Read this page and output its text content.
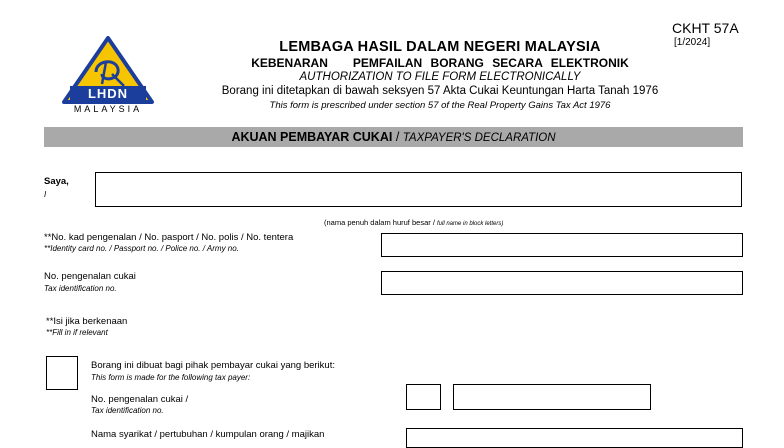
LHDN
MALAYSIA
CKHT 57A
[1/2024]
LEMBAGA HASIL DALAM NEGERI MALAYSIA
KEBENARAN   PEMFAILAN BORANG SECARA ELEKTRONIK
AUTHORIZATION TO FILE FORM ELECTRONICALLY
Borang ini ditetapkan di bawah seksyen 57 Akta Cukai Keuntungan Harta Tanah 1976
This form is prescribed under section 57 of the Real Property Gains Tax Act 1976
AKUAN PEMBAYAR CUKAI / TAXPAYER'S DECLARATION
Saya,
I
(nama penuh dalam huruf besar / full name in block letters)
**No. kad pengenalan / No. pasport / No. polis / No. tentera
**Identity card no. / Passport no. / Police no. / Army no.
No. pengenalan cukai
Tax identification no.
**Isi jika berkenaan
**Fill in if relevant
Borang ini dibuat bagi pihak pembayar cukai yang berikut:
This form is made for the following tax payer:
No. pengenalan cukai /
Tax identification no.
Nama syarikat / pertubuhan / kumpulan orang / majikan
